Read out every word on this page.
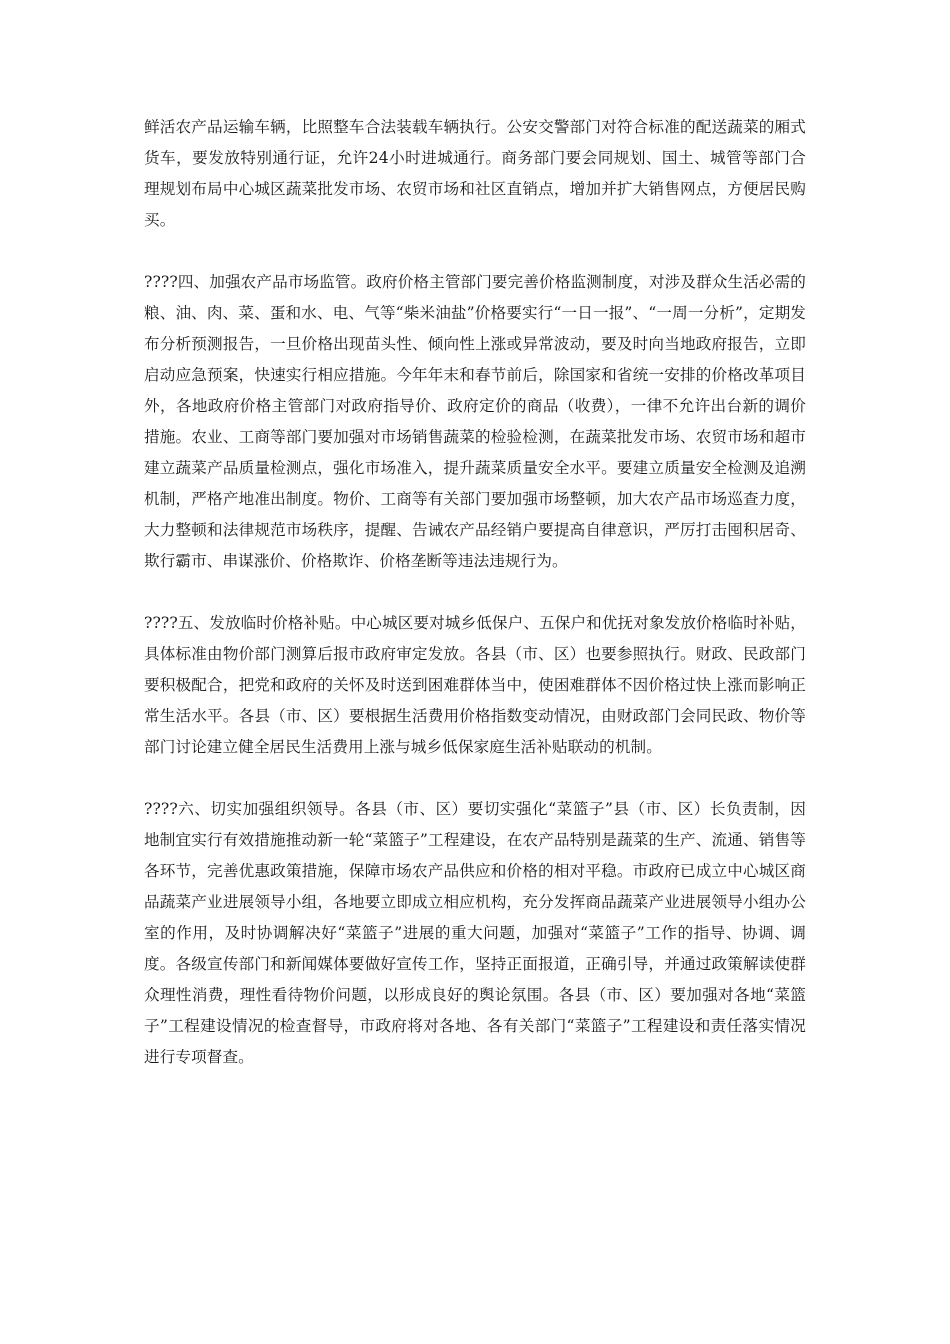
鲜活农产品运输车辆，比照整车合法装载车辆执行。公安交警部门对符合标准的配送蔬菜的厢式货车，要发放特别通行证，允许24小时进城通行。商务部门要会同规划、国土、城管等部门合理规划布局中心城区蔬菜批发市场、农贸市场和社区直销点，增加并扩大销售网点，方便居民购买。

????四、加强农产品市场监管。政府价格主管部门要完善价格监测制度，对涉及群众生活必需的粮、油、肉、菜、蛋和水、电、气等“柴米油盐”价格要实行“一日一报”、“一周一分析”，定期发布分析预测报告，一旦价格出现苗头性、倾向性上涨或异常波动，要及时向当地政府报告，立即启动应急预案，快速实行相应措施。今年年末和春节前后，除国家和省统一安排的价格改革项目外，各地政府价格主管部门对政府指导价、政府定价的商品（收费），一律不允许出台新的调价措施。农业、工商等部门要加强对市场销售蔬菜的检验检测，在蔬菜批发市场、农贸市场和超市建立蔬菜产品质量检测点，强化市场准入，提升蔬菜质量安全水平。要建立质量安全检测及追溯机制，严格产地准出制度。物价、工商等有关部门要加强市场整顿，加大农产品市场巡查力度，大力整顿和法律规范市场秩序，提醒、告诫农产品经销户要提高自律意识，严厉打击囤积居奇、欺行霸市、串谋涨价、价格欺诈、价格垄断等违法违规行为。

????五、发放临时价格补贴。中心城区要对城乡低保户、五保户和优抚对象发放价格临时补贴，具体标准由物价部门测算后报市政府审定发放。各县（市、区）也要参照执行。财政、民政部门要积极配合，把党和政府的关怀及时送到困难群体当中，使困难群体不因价格过快上涨而影响正常生活水平。各县（市、区）要根据生活费用价格指数变动情况，由财政部门会同民政、物价等部门讨论建立健全居民生活费用上涨与城乡低保家庭生活补贴联动的机制。

????六、切实加强组织领导。各县（市、区）要切实强化“菜篮子”县（市、区）长负责制，因地制宜实行有效措施推动新一轮“菜篮子”工程建设，在农产品特别是蔬菜的生产、流通、销售等各环节，完善优惠政策措施，保障市场农产品供应和价格的相对平稳。市政府已成立中心城区商品蔬菜产业进展领导小组，各地要立即成立相应机构，充分发挥商品蔬菜产业进展领导小组办公室的作用，及时协调解决好“菜篮子”进展的重大问题，加强对“菜篮子”工作的指导、协调、调度。各级宣传部门和新闻媒体要做好宣传工作，坚持正面报道，正确引导，并通过政策解读使群众理性消费，理性看待物价问题，以形成良好的舆论氛围。各县（市、区）要加强对各地“菜篮子”工程建设情况的检查督导，市政府将对各地、各有关部门“菜篮子”工程建设和责任落实情况进行专项督查。
